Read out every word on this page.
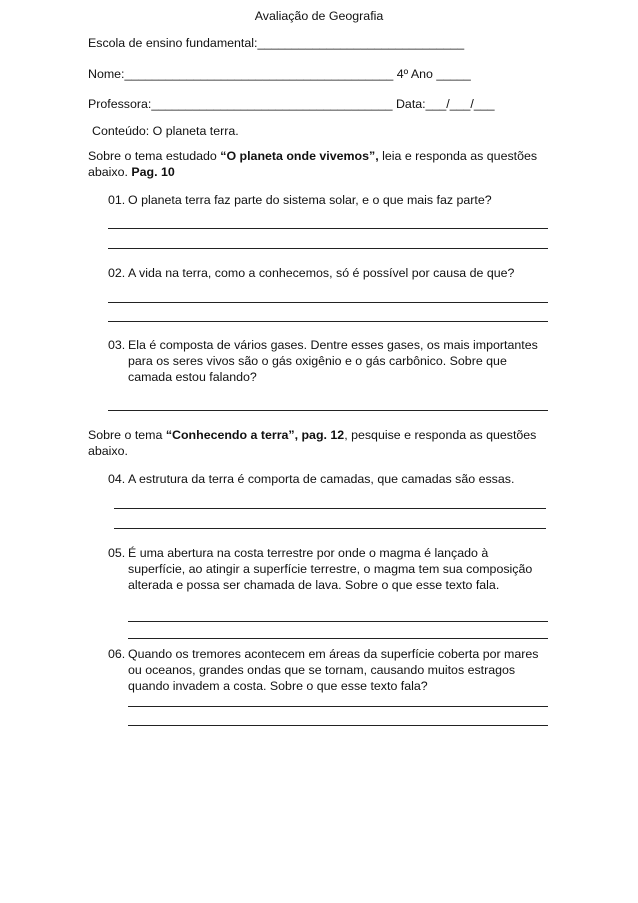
Avaliação de Geografia
Escola de ensino fundamental:______________________________
Nome:_______________________________________ 4º Ano _____
Professora:___________________________________ Data:___/___/___
Conteúdo: O planeta terra.
Sobre o tema estudado “O planeta onde vivemos”, leia e responda as questões abaixo. Pag. 10
01. O planeta terra faz parte do sistema solar, e o que mais faz parte?
02. A vida na terra, como a conhecemos, só é possível por causa de que?
03. Ela é composta de vários gases. Dentre esses gases, os mais importantes para os seres vivos são o gás oxigênio e o gás carbônico. Sobre que camada estou falando?
Sobre o tema “Conhecendo a terra”, pag. 12, pesquise e responda as questões abaixo.
04. A estrutura da terra é comporta de camadas, que camadas são essas.
05. É uma abertura na costa terrestre por onde o magma é lançado à superfície, ao atingir a superfície terrestre, o magma tem sua composição alterada e possa ser chamada de lava. Sobre o que esse texto fala.
06. Quando os tremores acontecem em áreas da superfície coberta por mares ou oceanos, grandes ondas que se tornam, causando muitos estragos quando invadem a costa. Sobre o que esse texto fala?
